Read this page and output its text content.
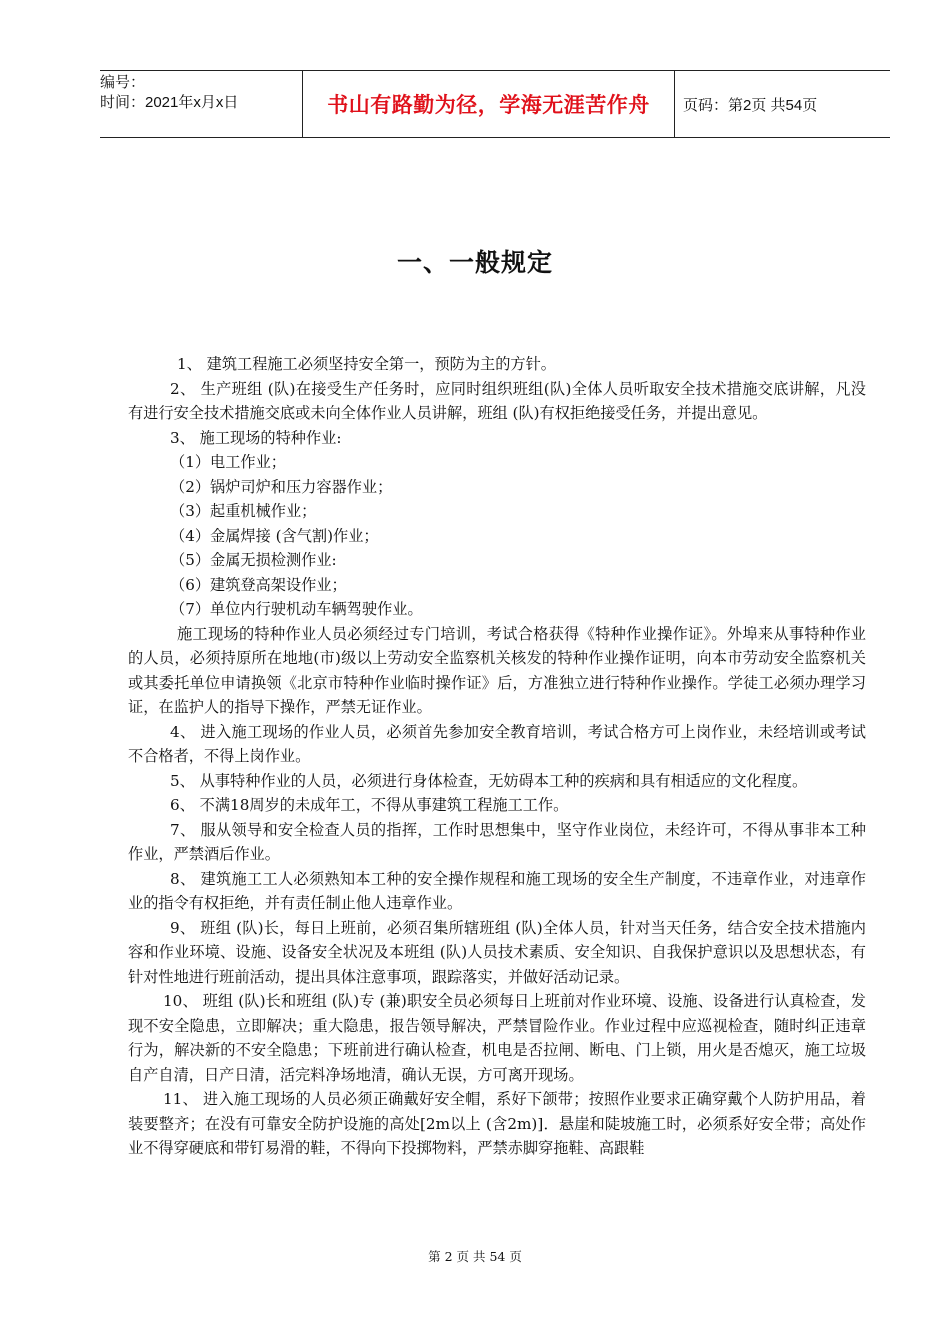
编号：
时间：2021年x月x日	书山有路勤为径，学海无涯苦作舟	页码：第2页 共54页
一、一般规定

1、 建筑工程施工必须坚持安全第一，预防为主的方针。

2、 生产班组 (队)在接受生产任务时，应同时组织班组(队)全体人员听取安全技术措施交底讲解，凡没有进行安全技术措施交底或未向全体作业人员讲解，班组 (队)有权拒绝接受任务，并提出意见。

3、 施工现场的特种作业:

（1）电工作业；

（2）锅炉司炉和压力容器作业；

（3）起重机械作业；

（4）金属焊接 (含气割)作业；

（5）金属无损检测作业:

（6）建筑登高架设作业；

（7）单位内行驶机动车辆驾驶作业。

施工现场的特种作业人员必须经过专门培训，考试合格获得《特种作业操作证》。外埠来从事特种作业的人员，必须持原所在地地(市)级以上劳动安全监察机关核发的特种作业操作证明，向本市劳动安全监察机关或其委托单位申请换领《北京市特种作业临时操作证》后，方准独立进行特种作业操作。学徒工必须办理学习证，在监护人的指导下操作，严禁无证作业。

4、 进入施工现场的作业人员，必须首先参加安全教育培训，考试合格方可上岗作业，未经培训或考试不合格者，不得上岗作业。

5、 从事特种作业的人员，必须进行身体检查，无妨碍本工种的疾病和具有相适应的文化程度。

6、 不满18周岁的未成年工，不得从事建筑工程施工工作。

7、 服从领导和安全检查人员的指挥，工作时思想集中，坚守作业岗位，未经许可，不得从事非本工种作业，严禁酒后作业。

8、 建筑施工工人必须熟知本工种的安全操作规程和施工现场的安全生产制度，不违章作业，对违章作业的指令有权拒绝，并有责任制止他人违章作业。

9、 班组 (队)长，每日上班前，必须召集所辖班组 (队)全体人员，针对当天任务，结合安全技术措施内容和作业环境、设施、设备安全状况及本班组 (队)人员技术素质、安全知识、自我保护意识以及思想状态，有针对性地进行班前活动，提出具体注意事项，跟踪落实，并做好活动记录。

10、 班组 (队)长和班组 (队)专 (兼)职安全员必须每日上班前对作业环境、设施、设备进行认真检查，发现不安全隐患，立即解决；重大隐患，报告领导解决，严禁冒险作业。作业过程中应巡视检查，随时纠正违章行为，解决新的不安全隐患；下班前进行确认检查，机电是否拉闸、断电、门上锁，用火是否熄灭，施工垃圾自产自清，日产日清，活完料净场地清，确认无误，方可离开现场。

11、 进入施工现场的人员必须正确戴好安全帽，系好下颌带；按照作业要求正确穿戴个人防护用品，着装要整齐；在没有可靠安全防护设施的高处[2m以上 (含2m)]．悬崖和陡坡施工时，必须系好安全带；高处作业不得穿硬底和带钉易滑的鞋，不得向下投掷物料，严禁赤脚穿拖鞋、高跟鞋

第 2 页 共 54 页
